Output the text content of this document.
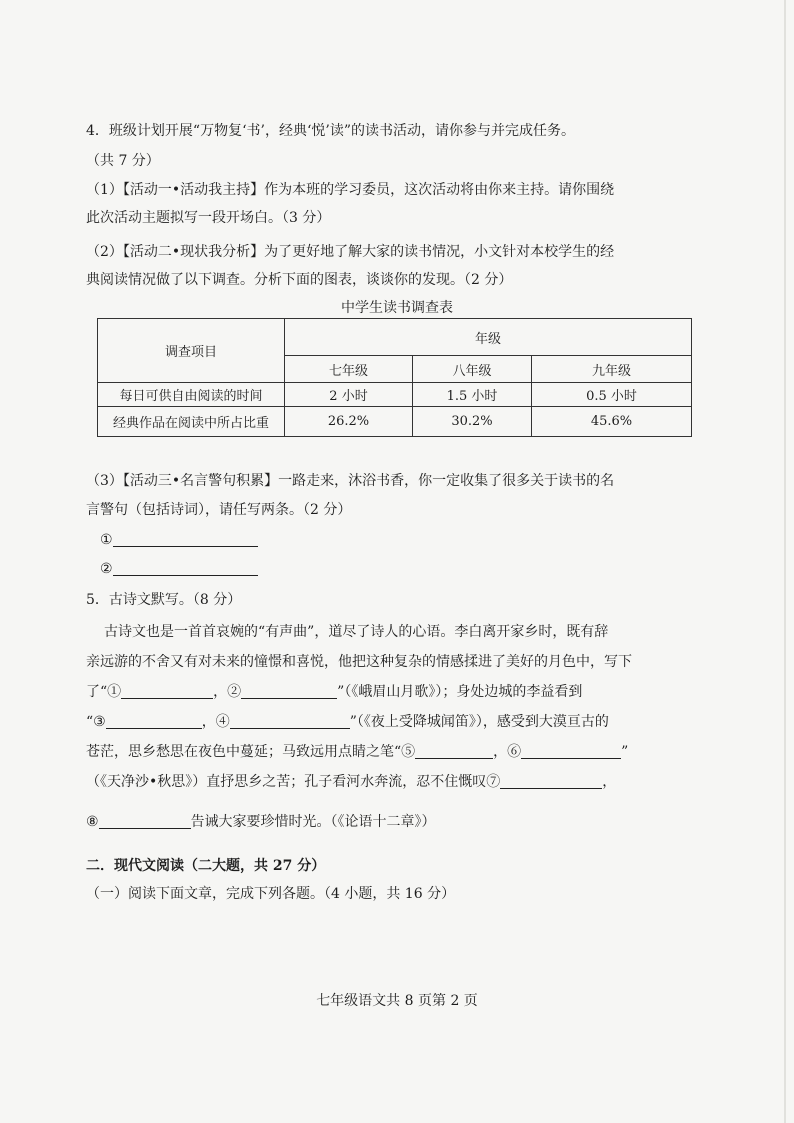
4．班级计划开展“万物复‘书’，经典‘悦’读”的读书活动，请你参与并完成任务。
（共 7 分）
（1）【活动一•活动我主持】作为本班的学习委员，这次活动将由你来主持。请你围绕
此次活动主题拟写一段开场白。（3 分）
（2）【活动二•现状我分析】为了更好地了解大家的读书情况，小文针对本校学生的经
典阅读情况做了以下调查。分析下面的图表，谈谈你的发现。（2 分）
中学生读书调查表
调查项目	年级		
	七年级	八年级	九年级
每日可供自由阅读的时间	2 小时	1.5 小时	0.5 小时
经典作品在阅读中所占比重	26.2%	30.2%	45.6%
（3）【活动三•名言警句积累】一路走来，沐浴书香，你一定收集了很多关于读书的名
言警句（包括诗词），请任写两条。（2 分）
①
②
5．古诗文默写。（8 分）
古诗文也是一首首哀婉的“有声曲”，道尽了诗人的心语。李白离开家乡时，既有辞
亲远游的不舍又有对未来的憧憬和喜悦，他把这种复杂的情感揉进了美好的月色中，写下
了“①	，②	”（《峨眉山月歌》）；身处边城的李益看到
“③	，④	”（《夜上受降城闻笛》），感受到大漠亘古的
苍茫，思乡愁思在夜色中蔓延；马致远用点睛之笔“⑤	，⑥	”
（《天净沙•秋思》）直抒思乡之苦；孔子看河水奔流，忍不住慨叹⑦	，
⑧	告诫大家要珍惜时光。（《论语十二章》）
二．现代文阅读（二大题，共 27 分）
（一）阅读下面文章，完成下列各题。（4 小题，共 16 分）
七年级语文共 8 页第 2 页
